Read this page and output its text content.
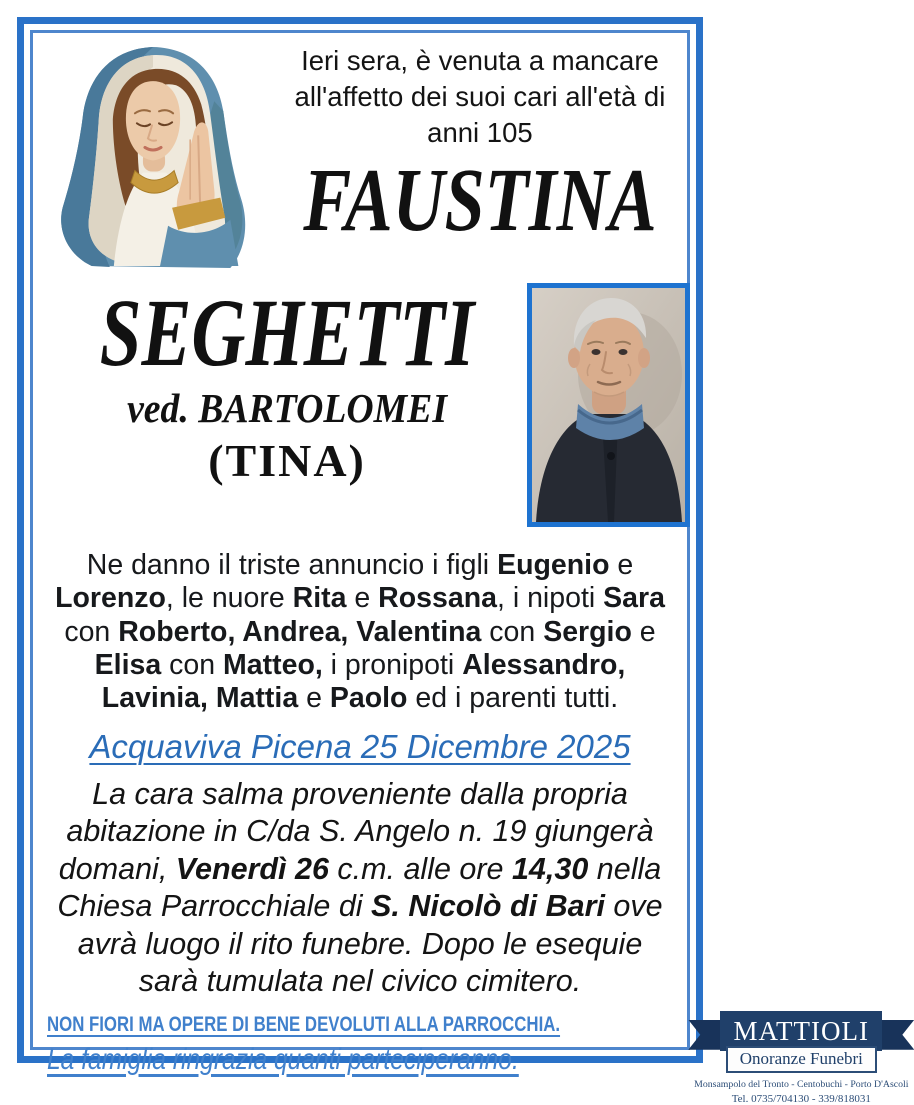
Ieri sera, è venuta a mancare all'affetto dei suoi cari all'età di anni 105

FAUSTINA
SEGHETTI
ved. BARTOLOMEI
(TINA)

Ne danno il triste annuncio i figli Eugenio e Lorenzo, le nuore Rita e Rossana, i nipoti Sara con Roberto, Andrea, Valentina con Sergio e Elisa con Matteo, i pronipoti Alessandro, Lavinia, Mattia e Paolo ed i parenti tutti.

Acquaviva Picena 25 Dicembre 2025

La cara salma proveniente dalla propria abitazione in C/da S. Angelo n. 19 giungerà domani, Venerdì 26 c.m. alle ore 14,30 nella Chiesa Parrocchiale di S. Nicolò di Bari ove avrà luogo il rito funebre. Dopo le esequie sarà tumulata nel civico cimitero.

NON FIORI MA OPERE DI BENE DEVOLUTI ALLA PARROCCHIA.

La famiglia ringrazia quanti parteciperanno.

MATTIOLI
Onoranze Funebri

Monsampolo del Tronto - Centobuchi - Porto D'Ascoli

Tel. 0735/704130 - 339/818031
